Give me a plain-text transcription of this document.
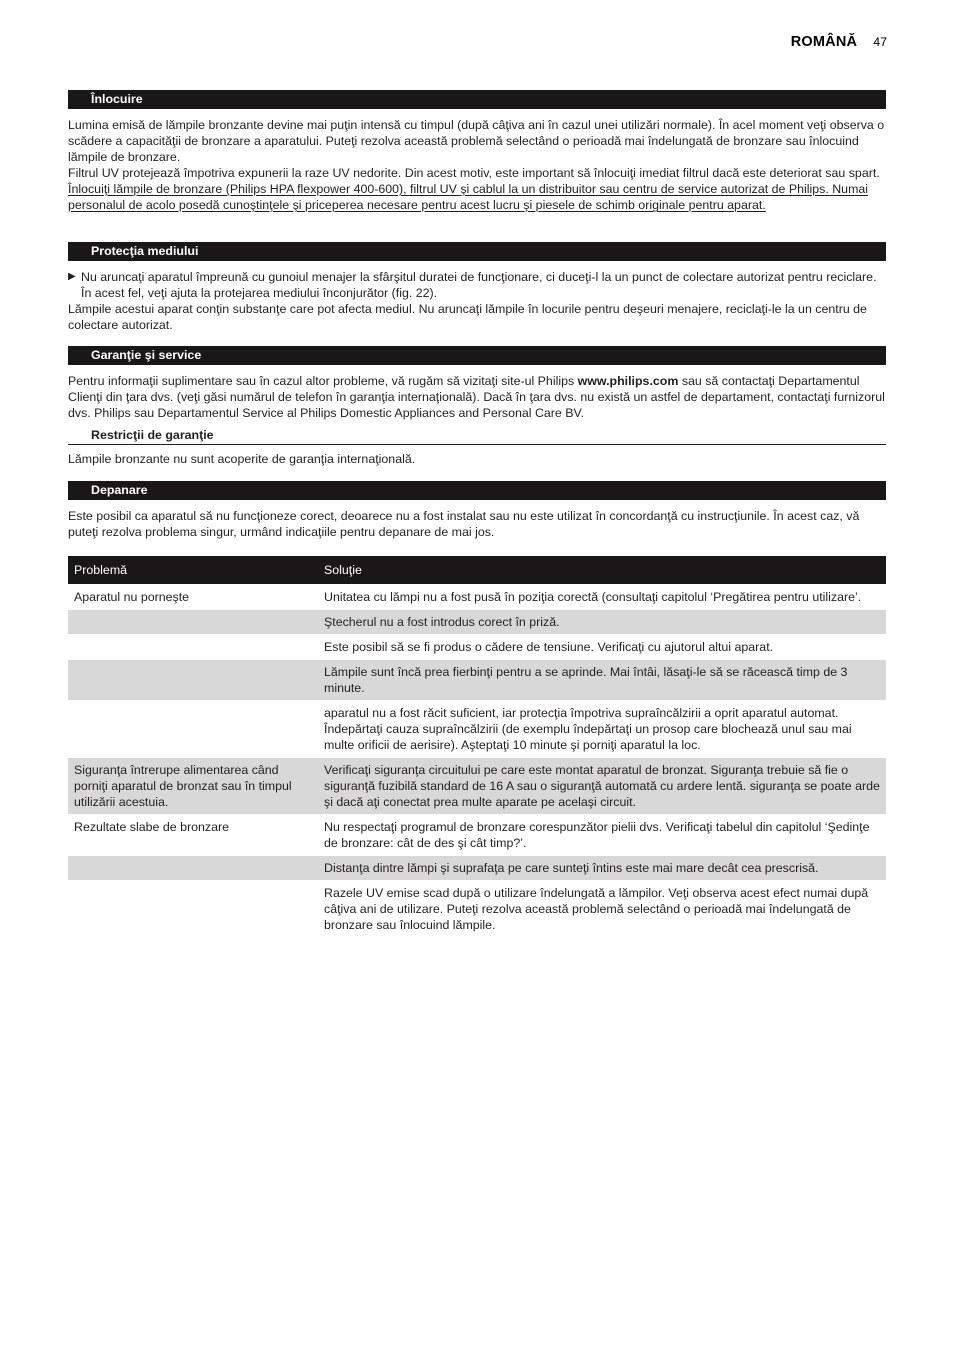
ROMÂNĂ 47
Înlocuire

Lumina emisă de lămpile bronzante devine mai puţin intensă cu timpul (după câţiva ani în cazul unei utilizări normale). În acel moment veţi observa o scădere a capacităţii de bronzare a aparatului. Puteţi rezolva această problemă selectând o perioadă mai îndelungată de bronzare sau înlocuind lămpile de bronzare.

Filtrul UV protejează împotriva expunerii la raze UV nedorite. Din acest motiv, este important să înlocuiţi imediat filtrul dacă este deteriorat sau spart.

Înlocuiţi lămpile de bronzare (Philips HPA flexpower 400-600), filtrul UV şi cablul la un distribuitor sau centru de service autorizat de Philips. Numai personalul de acolo posedă cunoştinţele şi priceperea necesare pentru acest lucru şi piesele de schimb originale pentru aparat.

Protecţia mediului
▶ Nu aruncaţi aparatul împreună cu gunoiul menajer la sfârşitul duratei de funcţionare, ci duceţi-l la un punct de colectare autorizat pentru reciclare. În acest fel, veţi ajuta la protejarea mediului înconjurător (fig. 22).

Lămpile acestui aparat conţin substanţe care pot afecta mediul. Nu aruncaţi lămpile în locurile pentru deşeuri menajere, reciclaţi-le la un centru de colectare autorizat.

Garanţie şi service

Pentru informaţii suplimentare sau în cazul altor probleme, vă rugăm să vizitaţi site-ul Philips www.philips.com sau să contactaţi Departamentul Clienţi din ţara dvs. (veţi găsi numărul de telefon în garanţia internaţională). Dacă în ţara dvs. nu există un astfel de departament, contactaţi furnizorul dvs. Philips sau Departamentul Service al Philips Domestic Appliances and Personal Care BV.

Restricţii de garanţie

Lămpile bronzante nu sunt acoperite de garanţia internaţională.

Depanare

Este posibil ca aparatul să nu funcţioneze corect, deoarece nu a fost instalat sau nu este utilizat în concordanţă cu instrucţiunile. În acest caz, vă puteţi rezolva problema singur, urmând indicaţiile pentru depanare de mai jos.

Problemă	Soluţie
Aparatul nu porneşte	Unitatea cu lămpi nu a fost pusă în poziţia corectă (consultaţi capitolul ‘Pregătirea pentru utilizare’.
	Ştecherul nu a fost introdus corect în priză.
	Este posibil să se fi produs o cădere de tensiune. Verificaţi cu ajutorul altui aparat.
	Lămpile sunt încă prea fierbinţi pentru a se aprinde. Mai întâi, lăsaţi-le să se răcească timp de 3 minute.
	aparatul nu a fost răcit suficient, iar protecţia împotriva supraîncălzirii a oprit aparatul automat. Îndepărtaţi cauza supraîncălzirii (de exemplu îndepărtaţi un prosop care blochează unul sau mai multe orificii de aerisire). Aşteptaţi 10 minute şi porniţi aparatul la loc.
Siguranţa întrerupe alimentarea când porniţi aparatul de bronzat sau în timpul utilizării acestuia.	Verificaţi siguranţa circuitului pe care este montat aparatul de bronzat. Siguranţa trebuie să fie o siguranţă fuzibilă standard de 16 A sau o siguranţă automată cu ardere lentă. siguranţa se poate arde şi dacă aţi conectat prea multe aparate pe acelaşi circuit.
Rezultate slabe de bronzare	Nu respectaţi programul de bronzare corespunzător pielii dvs. Verificaţi tabelul din capitolul ‘Şedinţe de bronzare: cât de des şi cât timp?’.
	Distanţa dintre lămpi şi suprafaţa pe care sunteţi întins este mai mare decât cea prescrisă.
	Razele UV emise scad după o utilizare îndelungată a lămpilor. Veţi observa acest efect numai după câţiva ani de utilizare. Puteţi rezolva această problemă selectând o perioadă mai îndelungată de bronzare sau înlocuind lămpile.
